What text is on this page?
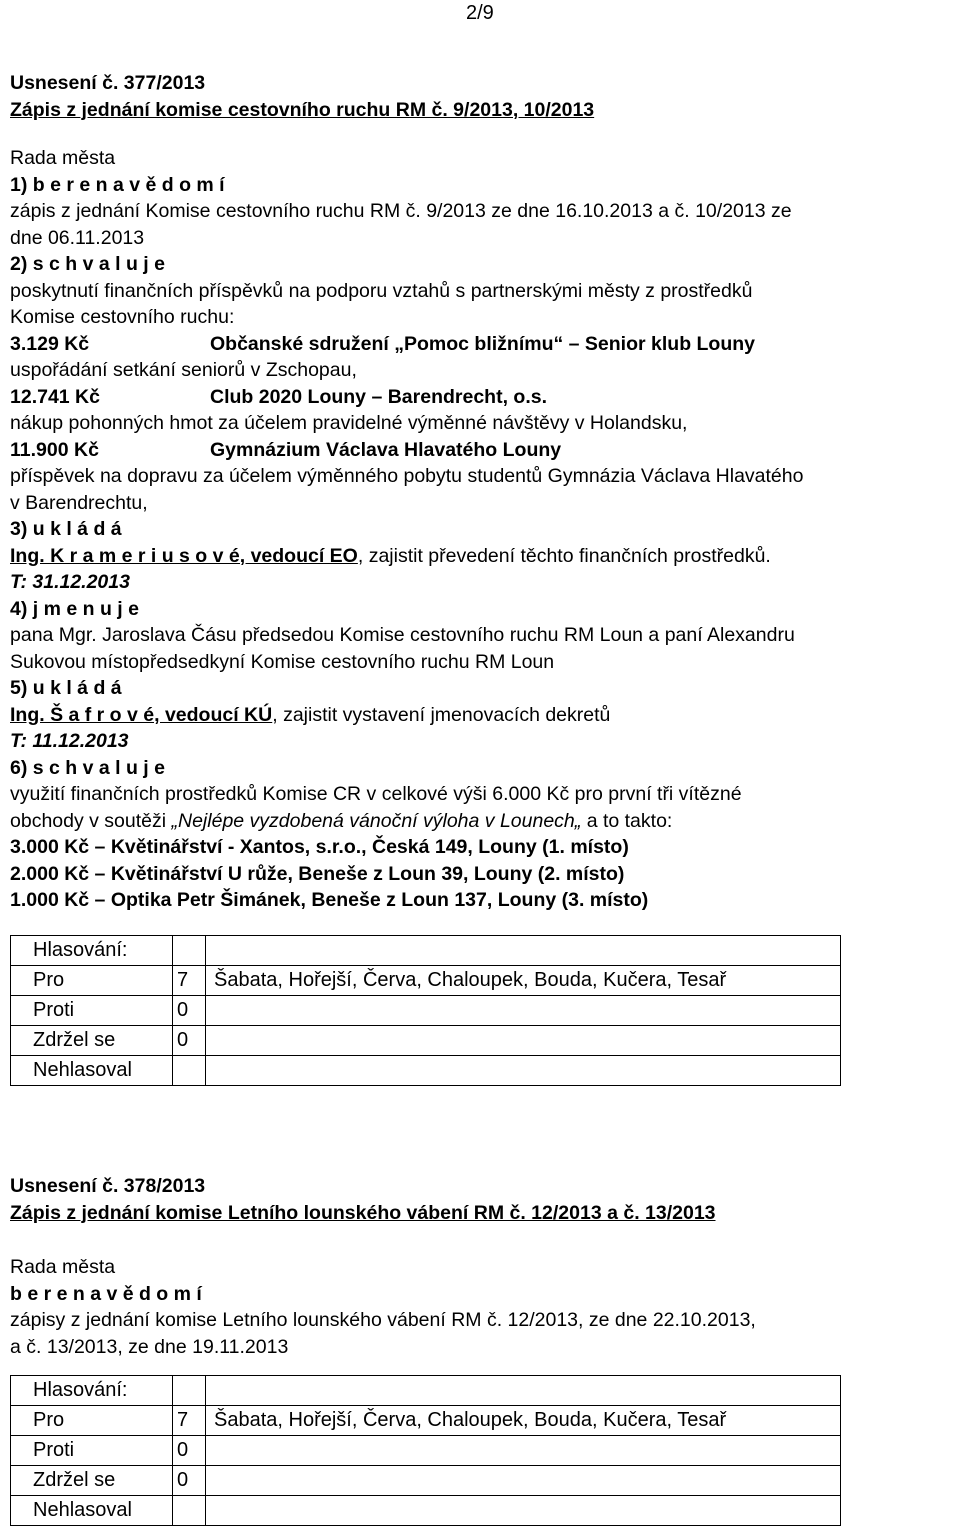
2/9
Usnesení č. 377/2013
Zápis z jednání komise cestovního ruchu RM č. 9/2013, 10/2013
Rada města
1) b e r e n a v ě d o m í
zápis z jednání Komise cestovního ruchu RM č. 9/2013 ze dne 16.10.2013 a č. 10/2013 ze
dne 06.11.2013
2) s c h v a l u j e
poskytnutí finančních příspěvků na podporu vztahů s partnerskými městy z prostředků
Komise cestovního ruchu:
3.129 Kč	Občanské sdružení „Pomoc bližnímu“ – Senior klub Louny
uspořádání setkání seniorů v Zschopau,
12.741 Kč	Club 2020 Louny – Barendrecht, o.s.
nákup pohonných hmot za účelem pravidelné výměnné návštěvy v Holandsku,
11.900 Kč	Gymnázium Václava Hlavatého Louny
příspěvek na dopravu za účelem výměnného pobytu studentů Gymnázia Václava Hlavatého
v Barendrechtu,
3) u k l á d á
Ing. K r a m e r i u s o v é, vedoucí EO, zajistit převedení těchto finančních prostředků.
T: 31.12.2013
4) j m e n u j e
pana Mgr. Jaroslava Čásu předsedou Komise cestovního ruchu RM Loun a paní Alexandru
Sukovou místopředsedkyní Komise cestovního ruchu RM Loun
5) u k l á d á
Ing. Š a f r o v é, vedoucí KÚ, zajistit vystavení jmenovacích dekretů
T: 11.12.2013
6) s c h v a l u j e
využití finančních prostředků Komise CR v celkové výši 6.000 Kč pro první tři vítězné
obchody v soutěži „Nejlépe vyzdobená vánoční výloha v Lounech„ a to takto:
3.000 Kč – Květinářství - Xantos, s.r.o., Česká 149, Louny (1. místo)
2.000 Kč – Květinářství U růže, Beneše z Loun 39, Louny (2. místo)
1.000 Kč – Optika Petr Šimánek, Beneše z Loun 137, Louny (3. místo)
Hlasování:		
Pro	7	Šabata, Hořejší, Červa, Chaloupek, Bouda, Kučera, Tesař
Proti	0	
Zdržel se	0	
Nehlasoval		
Usnesení č. 378/2013
Zápis z jednání komise Letního lounského vábení RM č. 12/2013 a č. 13/2013
Rada města
b e r e n a v ě d o m í
zápisy z jednání komise Letního lounského vábení RM č. 12/2013, ze dne 22.10.2013,
a č. 13/2013, ze dne 19.11.2013
Hlasování:		
Pro	7	Šabata, Hořejší, Červa, Chaloupek, Bouda, Kučera, Tesař
Proti	0	
Zdržel se	0	
Nehlasoval		
